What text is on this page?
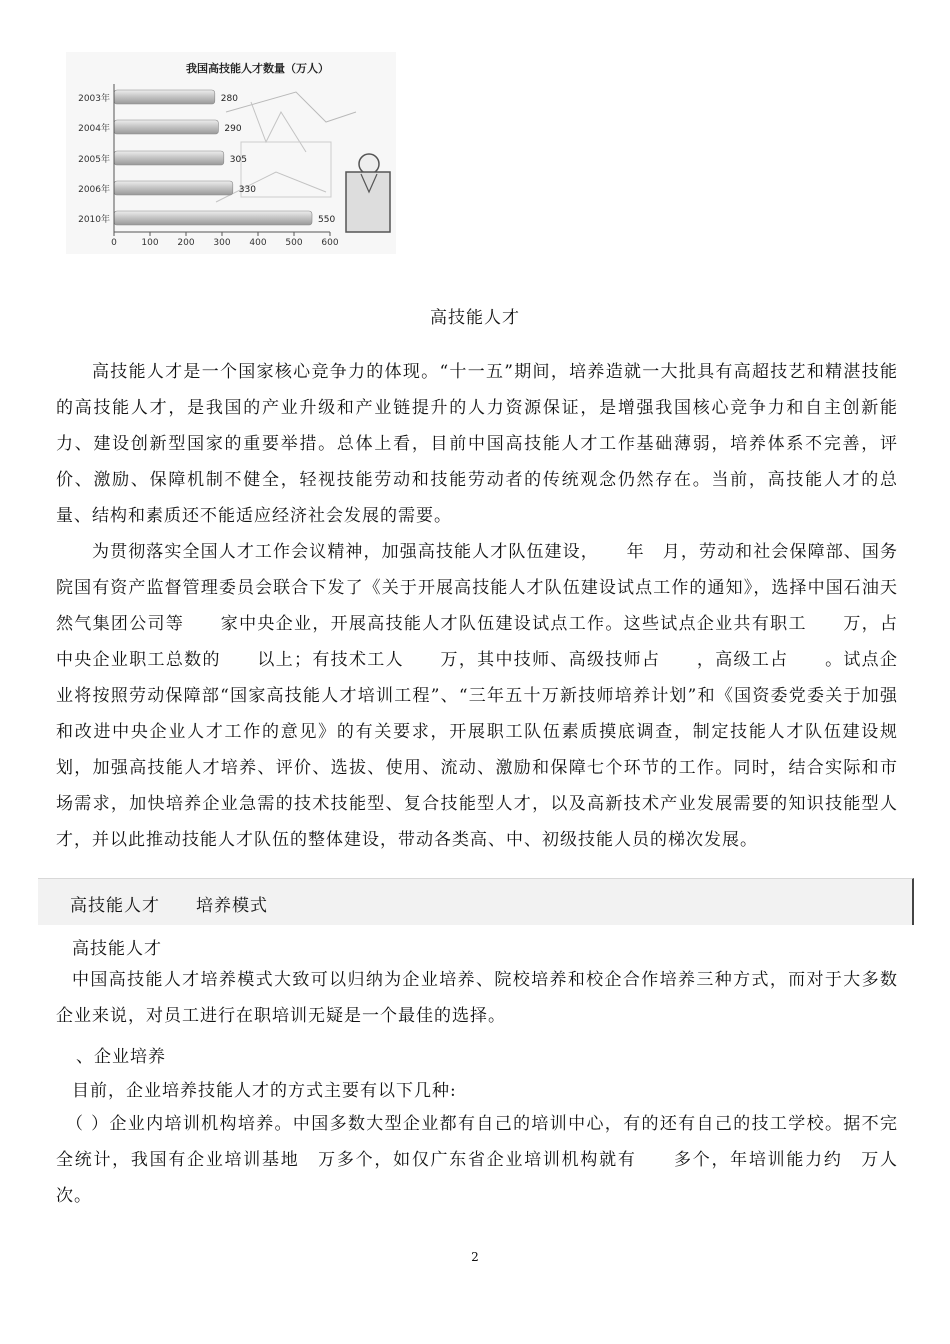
我国高技能人才数量（万人）
2003年	280
2004年	290
2005年	305
2006年	330
2010年	550
0	100 200 300 400 500 600
高技能人才

高技能人才是一个国家核心竞争力的体现。“十一五”期间，培养造就一大批具有高超技艺和精湛技能的高技能人才，是我国的产业升级和产业链提升的人力资源保证，是增强我国核心竞争力和自主创新能力、建设创新型国家的重要举措。总体上看，目前中国高技能人才工作基础薄弱，培养体系不完善，评价、激励、保障机制不健全，轻视技能劳动和技能劳动者的传统观念仍然存在。当前，高技能人才的总量、结构和素质还不能适应经济社会发展的需要。

为贯彻落实全国人才工作会议精神，加强高技能人才队伍建设，　　年　月，劳动和社会保障部、国务院国有资产监督管理委员会联合下发了《关于开展高技能人才队伍建设试点工作的通知》，选择中国石油天然气集团公司等　　家中央企业，开展高技能人才队伍建设试点工作。这些试点企业共有职工　　万，占中央企业职工总数的　　以上；有技术工人　　万，其中技师、高级技师占　　，高级工占　　。试点企业将按照劳动保障部“国家高技能人才培训工程”、“三年五十万新技师培养计划”和《国资委党委关于加强和改进中央企业人才工作的意见》的有关要求，开展职工队伍素质摸底调查，制定技能人才队伍建设规划，加强高技能人才培养、评价、选拔、使用、流动、激励和保障七个环节的工作。同时，结合实际和市场需求，加快培养企业急需的技术技能型、复合技能型人才，以及高新技术产业发展需要的知识技能型人才，并以此推动技能人才队伍的整体建设，带动各类高、中、初级技能人员的梯次发展。

高技能人才 培养模式
高技能人才

中国高技能人才培养模式大致可以归纳为企业培养、院校培养和校企合作培养三种方式，而对于大多数企业来说，对员工进行在职培训无疑是一个最佳的选择。

、企业培养
目前，企业培养技能人才的方式主要有以下几种:

（ ）企业内培训机构培养。中国多数大型企业都有自己的培训中心，有的还有自己的技工学校。据不完全统计，我国有企业培训基地　万多个，如仅广东省企业培训机构就有　　多个，年培训能力约　万人次。

2
